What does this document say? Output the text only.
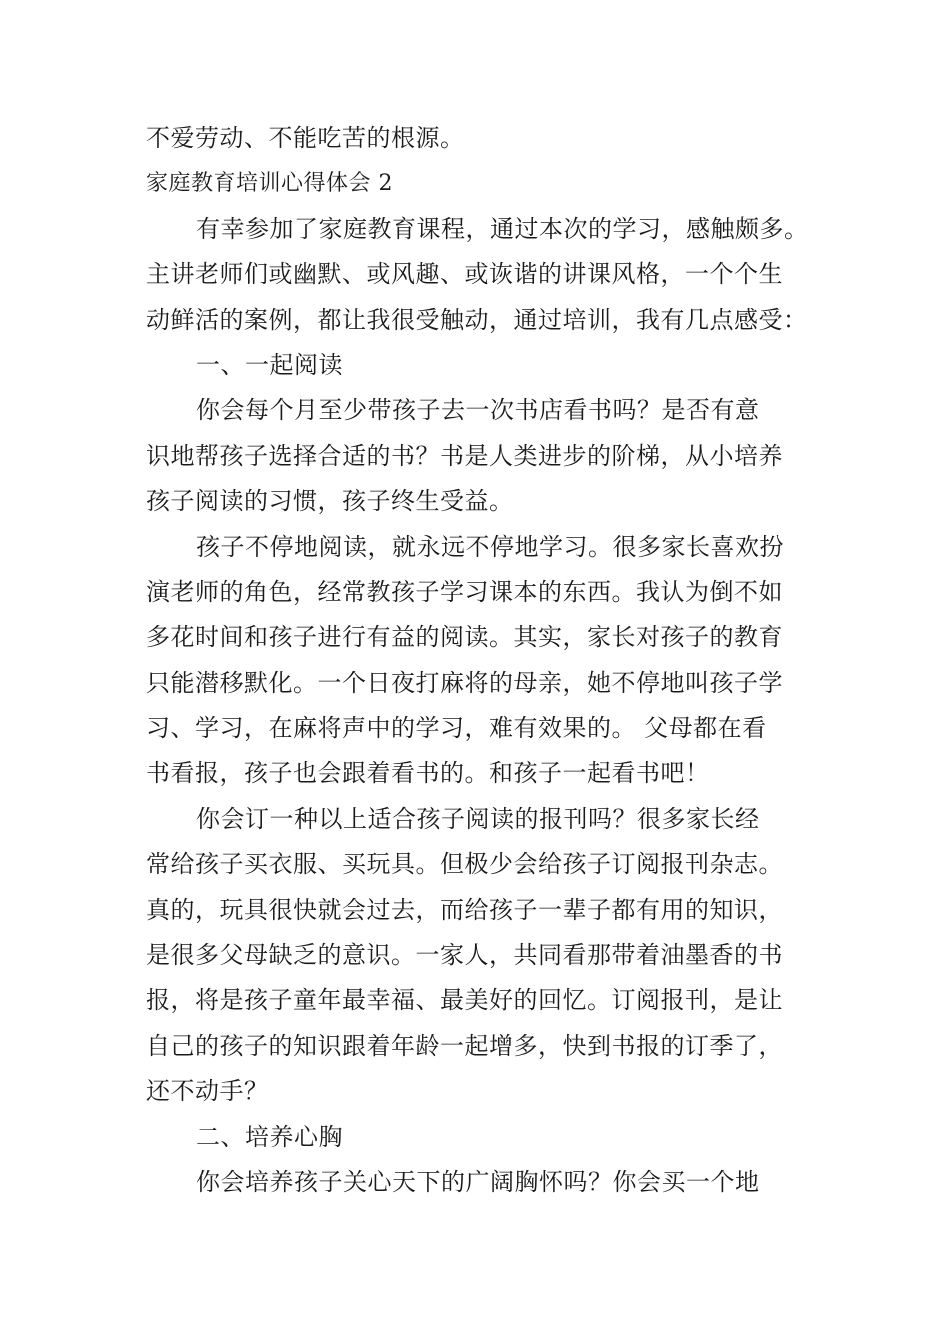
不爱劳动、不能吃苦的根源。
家庭教育培训心得体会 2
有幸参加了家庭教育课程，通过本次的学习，感触颇多。
主讲老师们或幽默、或风趣、或诙谐的讲课风格，一个个生
动鲜活的案例，都让我很受触动，通过培训，我有几点感受：
一、一起阅读
你会每个月至少带孩子去一次书店看书吗？是否有意
识地帮孩子选择合适的书？书是人类进步的阶梯，从小培养
孩子阅读的习惯，孩子终生受益。
孩子不停地阅读，就永远不停地学习。很多家长喜欢扮
演老师的角色，经常教孩子学习课本的东西。我认为倒不如
多花时间和孩子进行有益的阅读。其实，家长对孩子的教育
只能潜移默化。一个日夜打麻将的母亲，她不停地叫孩子学
习、学习，在麻将声中的学习，难有效果的。 父母都在看
书看报，孩子也会跟着看书的。和孩子一起看书吧！
你会订一种以上适合孩子阅读的报刊吗？很多家长经
常给孩子买衣服、买玩具。但极少会给孩子订阅报刊杂志。
真的，玩具很快就会过去，而给孩子一辈子都有用的知识，
是很多父母缺乏的意识。一家人，共同看那带着油墨香的书
报，将是孩子童年最幸福、最美好的回忆。订阅报刊，是让
自己的孩子的知识跟着年龄一起增多，快到书报的订季了，
还不动手？
二、培养心胸
你会培养孩子关心天下的广阔胸怀吗？你会买一个地
